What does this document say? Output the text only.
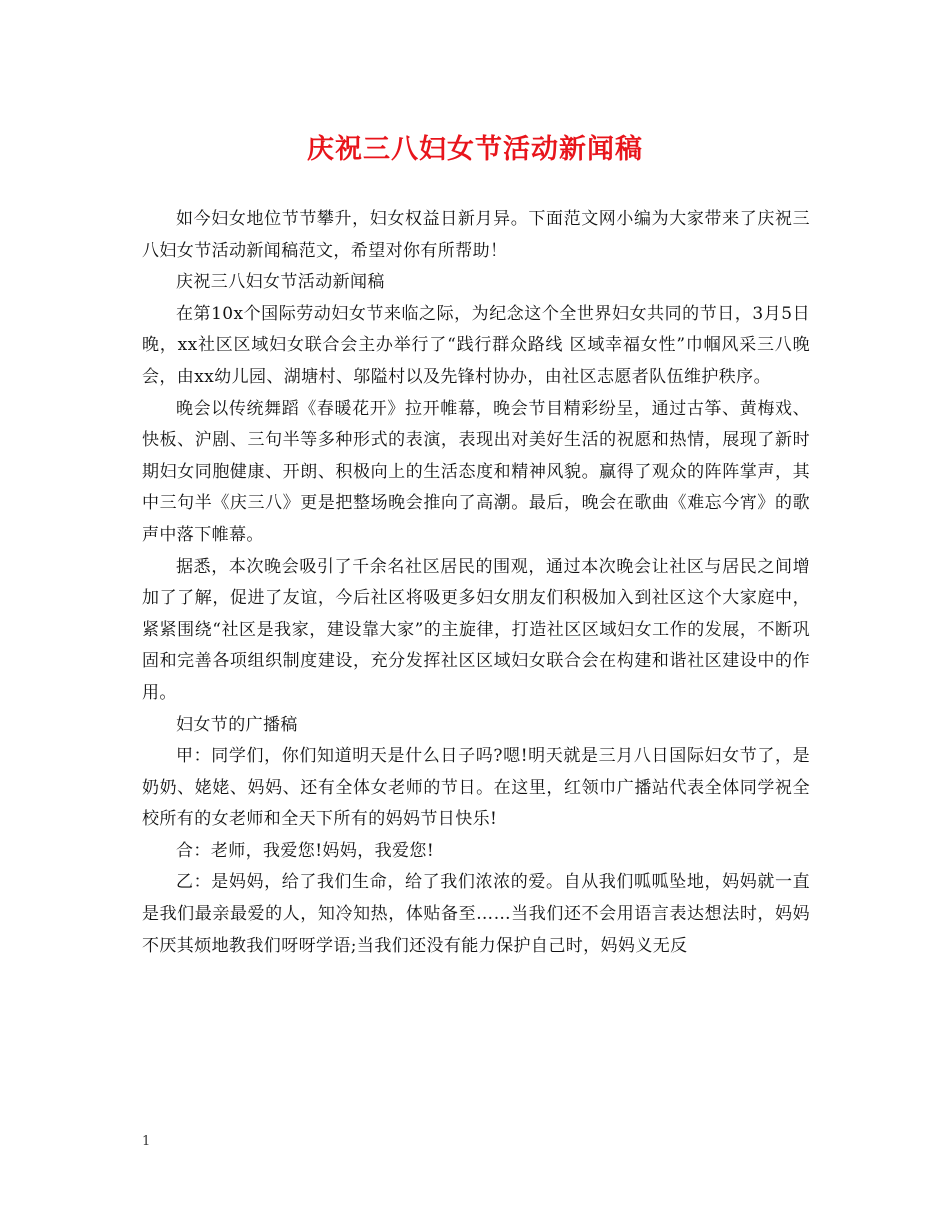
庆祝三八妇女节活动新闻稿

如今妇女地位节节攀升，妇女权益日新月异。下面范文网小编为大家带来了庆祝三八妇女节活动新闻稿范文，希望对你有所帮助！

庆祝三八妇女节活动新闻稿

在第10x个国际劳动妇女节来临之际，为纪念这个全世界妇女共同的节日，3月5日晚，xx社区区域妇女联合会主办举行了“践行群众路线 区域幸福女性”巾帼风采三八晚会，由xx幼儿园、湖塘村、邬隘村以及先锋村协办，由社区志愿者队伍维护秩序。

晚会以传统舞蹈《春暖花开》拉开帷幕，晚会节目精彩纷呈，通过古筝、黄梅戏、快板、沪剧、三句半等多种形式的表演，表现出对美好生活的祝愿和热情，展现了新时期妇女同胞健康、开朗、积极向上的生活态度和精神风貌。赢得了观众的阵阵掌声，其中三句半《庆三八》更是把整场晚会推向了高潮。最后，晚会在歌曲《难忘今宵》的歌声中落下帷幕。

据悉，本次晚会吸引了千余名社区居民的围观，通过本次晚会让社区与居民之间增加了了解，促进了友谊，今后社区将吸更多妇女朋友们积极加入到社区这个大家庭中，紧紧围绕“社区是我家，建设靠大家”的主旋律，打造社区区域妇女工作的发展，不断巩固和完善各项组织制度建设，充分发挥社区区域妇女联合会在构建和谐社区建设中的作用。

妇女节的广播稿

甲：同学们，你们知道明天是什么日子吗?嗯!明天就是三月八日国际妇女节了，是奶奶、姥姥、妈妈、还有全体女老师的节日。在这里，红领巾广播站代表全体同学祝全校所有的女老师和全天下所有的妈妈节日快乐!

合：老师，我爱您!妈妈，我爱您!

乙：是妈妈，给了我们生命，给了我们浓浓的爱。自从我们呱呱坠地，妈妈就一直是我们最亲最爱的人，知冷知热，体贴备至……当我们还不会用语言表达想法时，妈妈不厌其烦地教我们呀呀学语;当我们还没有能力保护自己时，妈妈义无反

1
